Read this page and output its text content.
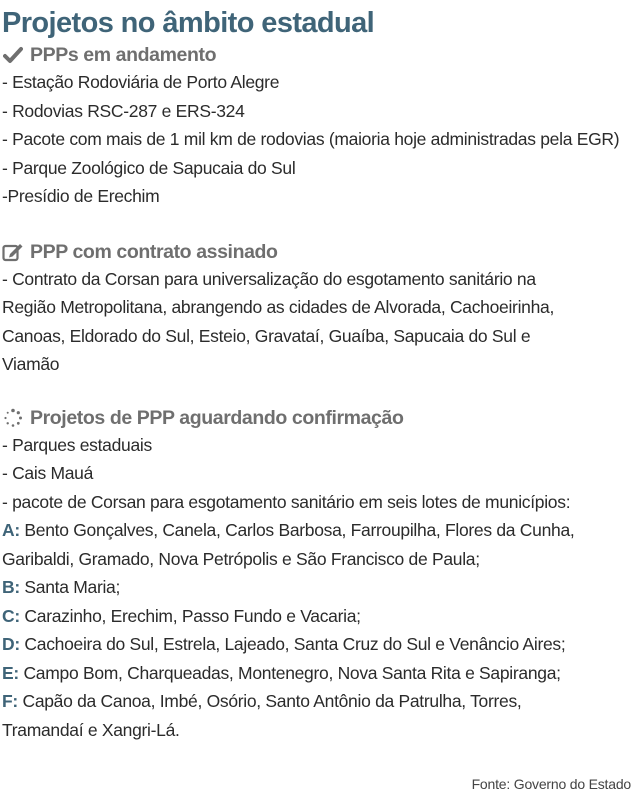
Projetos no âmbito estadual
PPPs em andamento
- Estação Rodoviária de Porto Alegre
- Rodovias RSC-287 e ERS-324
- Pacote com mais de 1 mil km de rodovias (maioria hoje administradas pela EGR)
- Parque Zoológico de Sapucaia do Sul
-Presídio de Erechim
PPP com contrato assinado
- Contrato da Corsan para universalização do esgotamento sanitário na
Região Metropolitana, abrangendo as cidades de Alvorada, Cachoeirinha,
Canoas, Eldorado do Sul, Esteio, Gravataí, Guaíba, Sapucaia do Sul e
Viamão
Projetos de PPP aguardando confirmação
- Parques estaduais
- Cais Mauá
- pacote de Corsan para esgotamento sanitário em seis lotes de municípios:
A: Bento Gonçalves, Canela, Carlos Barbosa, Farroupilha, Flores da Cunha,
Garibaldi, Gramado, Nova Petrópolis e São Francisco de Paula;
B: Santa Maria;
C: Carazinho, Erechim, Passo Fundo e Vacaria;
D: Cachoeira do Sul, Estrela, Lajeado, Santa Cruz do Sul e Venâncio Aires;
E: Campo Bom, Charqueadas, Montenegro, Nova Santa Rita e Sapiranga;
F: Capão da Canoa, Imbé, Osório, Santo Antônio da Patrulha, Torres,
Tramandaí e Xangri-Lá.
Fonte: Governo do Estado
